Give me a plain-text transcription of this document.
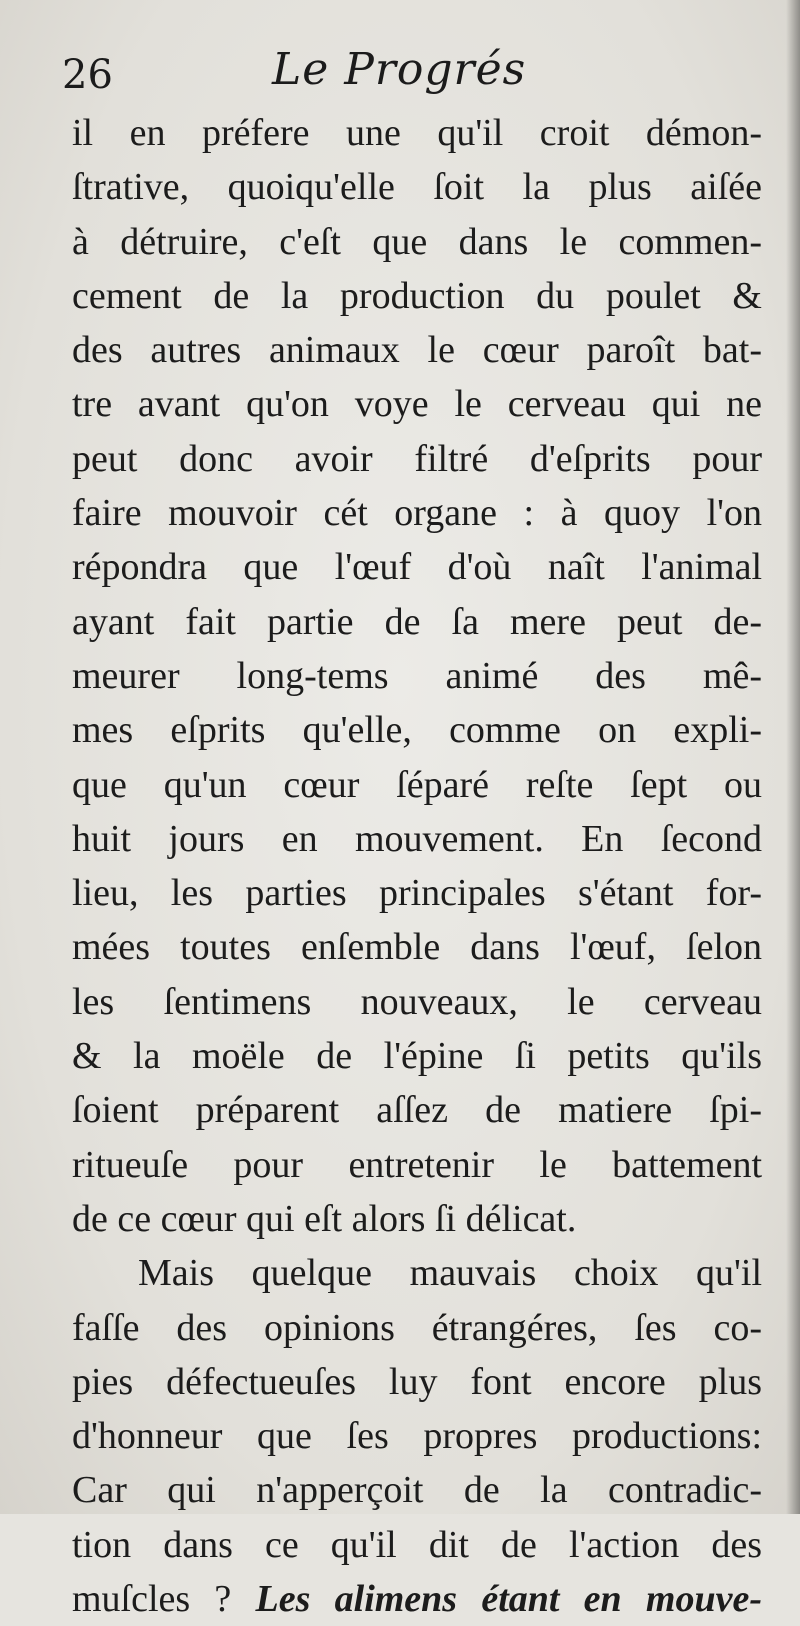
26	Le Progrés
il en préfere une qu'il croit démon-
ſtrative, quoiqu'elle ſoit la plus aiſée
à détruire, c'eſt que dans le commen-
cement de la production du poulet &
des autres animaux le cœur paroît bat-
tre avant qu'on voye le cerveau qui ne
peut donc avoir filtré d'eſprits pour
faire mouvoir cét organe : à quoy l'on
répondra que l'œuf d'où naît l'animal
ayant fait partie de ſa mere peut de-
meurer long-tems animé des mê-
mes eſprits qu'elle, comme on expli-
que qu'un cœur ſéparé reſte ſept ou
huit jours en mouvement. En ſecond
lieu, les parties principales s'étant for-
mées toutes enſemble dans l'œuf, ſelon
les ſentimens nouveaux, le cerveau
& la moële de l'épine ſi petits qu'ils
ſoient préparent aſſez de matiere ſpi-
ritueuſe pour entretenir le battement
de ce cœur qui eſt alors ſi délicat.
Mais quelque mauvais choix qu'il
faſſe des opinions étrangéres, ſes co-
pies défectueuſes luy font encore plus
d'honneur que ſes propres productions:
Car qui n'apperçoit de la contradic-
tion dans ce qu'il dit de l'action des
muſcles ? Les alimens étant en mouve-
